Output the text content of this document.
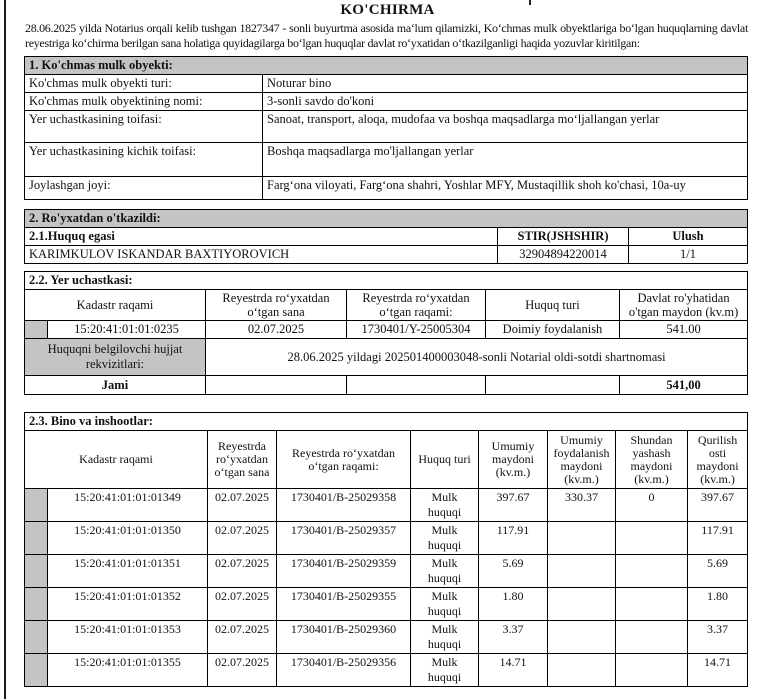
KO'CHIRMA
28.06.2025 yilda Notarius orqali kelib tushgan 1827347 - sonli buyurtma asosida maʻlum qilamizki, Koʻchmas mulk obyektlariga boʻlgan huquqlarning davlat reyestriga koʻchirma berilgan sana holatiga quyidagilarga boʻlgan huquqlar davlat roʻyxatidan oʻtkazilganligi haqida yozuvlar kiritilgan:
1. Ko'chmas mulk obyekti:	
Ko'chmas mulk obyekti turi:	Noturar bino
Ko'chmas mulk obyektining nomi:	3-sonli savdo do'koni
Yer uchastkasining toifasi:	Sanoat, transport, aloqa, mudofaa va boshqa maqsadlarga moʻljallangan yerlar
Yer uchastkasining kichik toifasi:	Boshqa maqsadlarga mo'ljallangan yerlar
Joylashgan joyi:	Fargʻona viloyati, Fargʻona shahri, Yoshlar MFY, Mustaqillik shoh ko'chasi, 10a-uy
2. Ro'yxatdan o'tkazildi:		
2.1.Huquq egasi	STIR(JSHSHIR)	Ulush
KARIMKULOV ISKANDAR BAXTIYOROVICH	32904894220014	1/1
2.2. Yer uchastkasi:					
Kadastr raqami		Reyestrda roʻyxatdan oʻtgan sana	Reyestrda roʻyxatdan oʻtgan raqami:	Huquq turi	Davlat ro'yhatidan o'tgan maydon (kv.m)
	15:20:41:01:01:0235	02.07.2025	1730401/Y-25005304	Doimiy foydalanish	541.00
Huquqni belgilovchi hujjat rekvizitlari:		28.06.2025 yildagi 202501400003048-sonli Notarial oldi-sotdi shartnomasi			
Jami					541,00
2.3. Bino va inshootlar:								
Kadastr raqami		Reyestrda roʻyxatdan oʻtgan sana	Reyestrda roʻyxatdan oʻtgan raqami:	Huquq turi	Umumiy maydoni (kv.m.)	Umumiy foydalanish maydoni (kv.m.)	Shundan yashash maydoni (kv.m.)	Qurilish osti maydoni (kv.m.)
	15:20:41:01:01:01349	02.07.2025	1730401/B-25029358	Mulk huquqi	397.67	330.37	0	397.67
	15:20:41:01:01:01350	02.07.2025	1730401/B-25029357	Mulk huquqi	117.91			117.91
	15:20:41:01:01:01351	02.07.2025	1730401/B-25029359	Mulk huquqi	5.69			5.69
	15:20:41:01:01:01352	02.07.2025	1730401/B-25029355	Mulk huquqi	1.80			1.80
	15:20:41:01:01:01353	02.07.2025	1730401/B-25029360	Mulk huquqi	3.37			3.37
	15:20:41:01:01:01355	02.07.2025	1730401/B-25029356	Mulk huquqi	14.71			14.71
